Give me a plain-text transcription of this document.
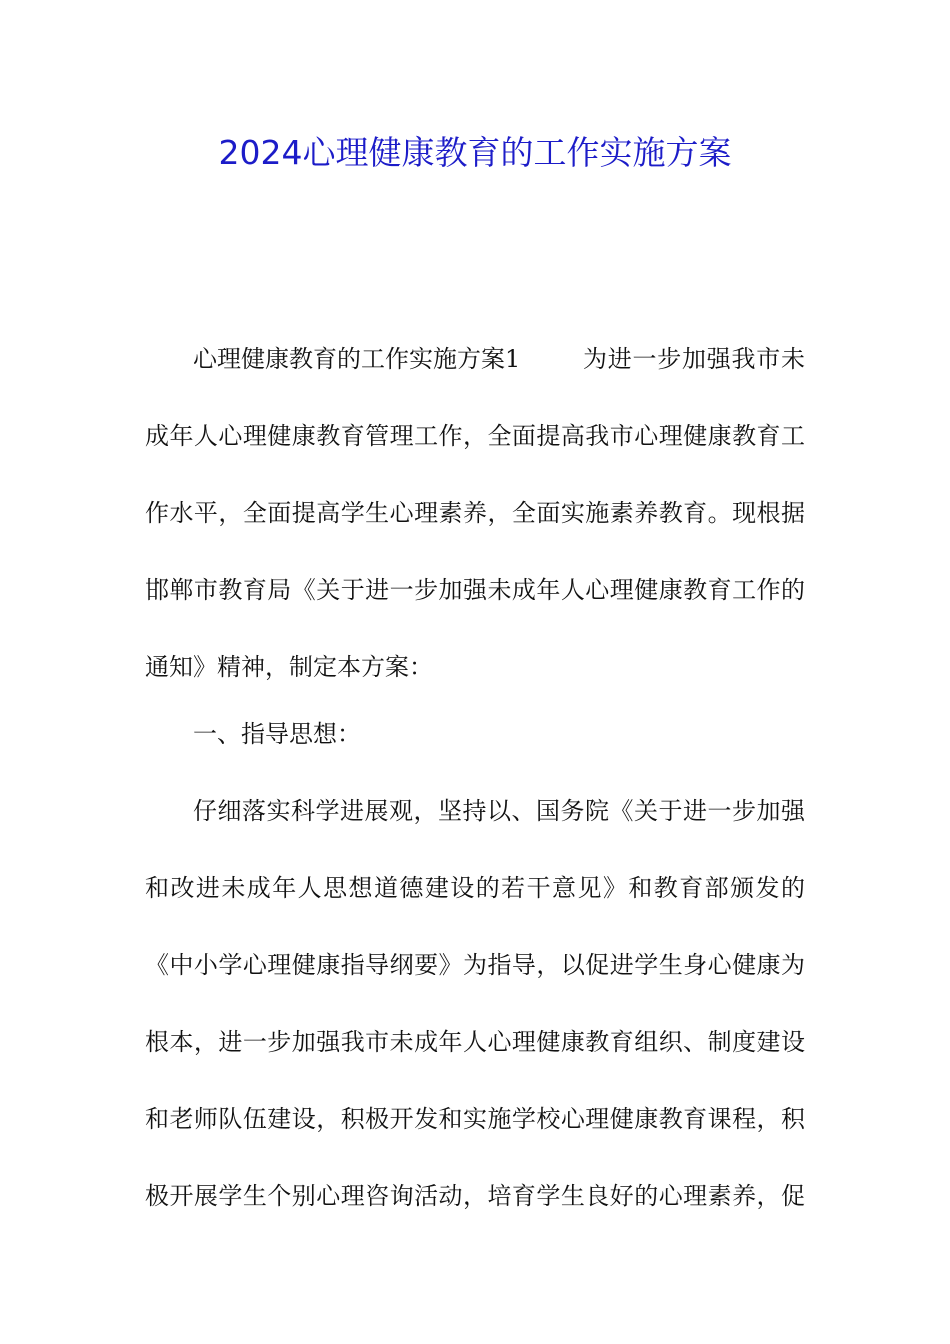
2024心理健康教育的工作实施方案
心理健康教育的工作实施方案1	为进一步加强我市未
成年人心理健康教育管理工作，全面提高我市心理健康教育工
作水平，全面提高学生心理素养，全面实施素养教育。现根据
邯郸市教育局《关于进一步加强未成年人心理健康教育工作的
通知》精神，制定本方案：
一、指导思想：
仔细落实科学进展观，坚持以、国务院《关于进一步加强
和改进未成年人思想道德建设的若干意见》和教育部颁发的
《中小学心理健康指导纲要》为指导，以促进学生身心健康为
根本，进一步加强我市未成年人心理健康教育组织、制度建设
和老师队伍建设，积极开发和实施学校心理健康教育课程，积
极开展学生个别心理咨询活动，培育学生良好的心理素养，促
